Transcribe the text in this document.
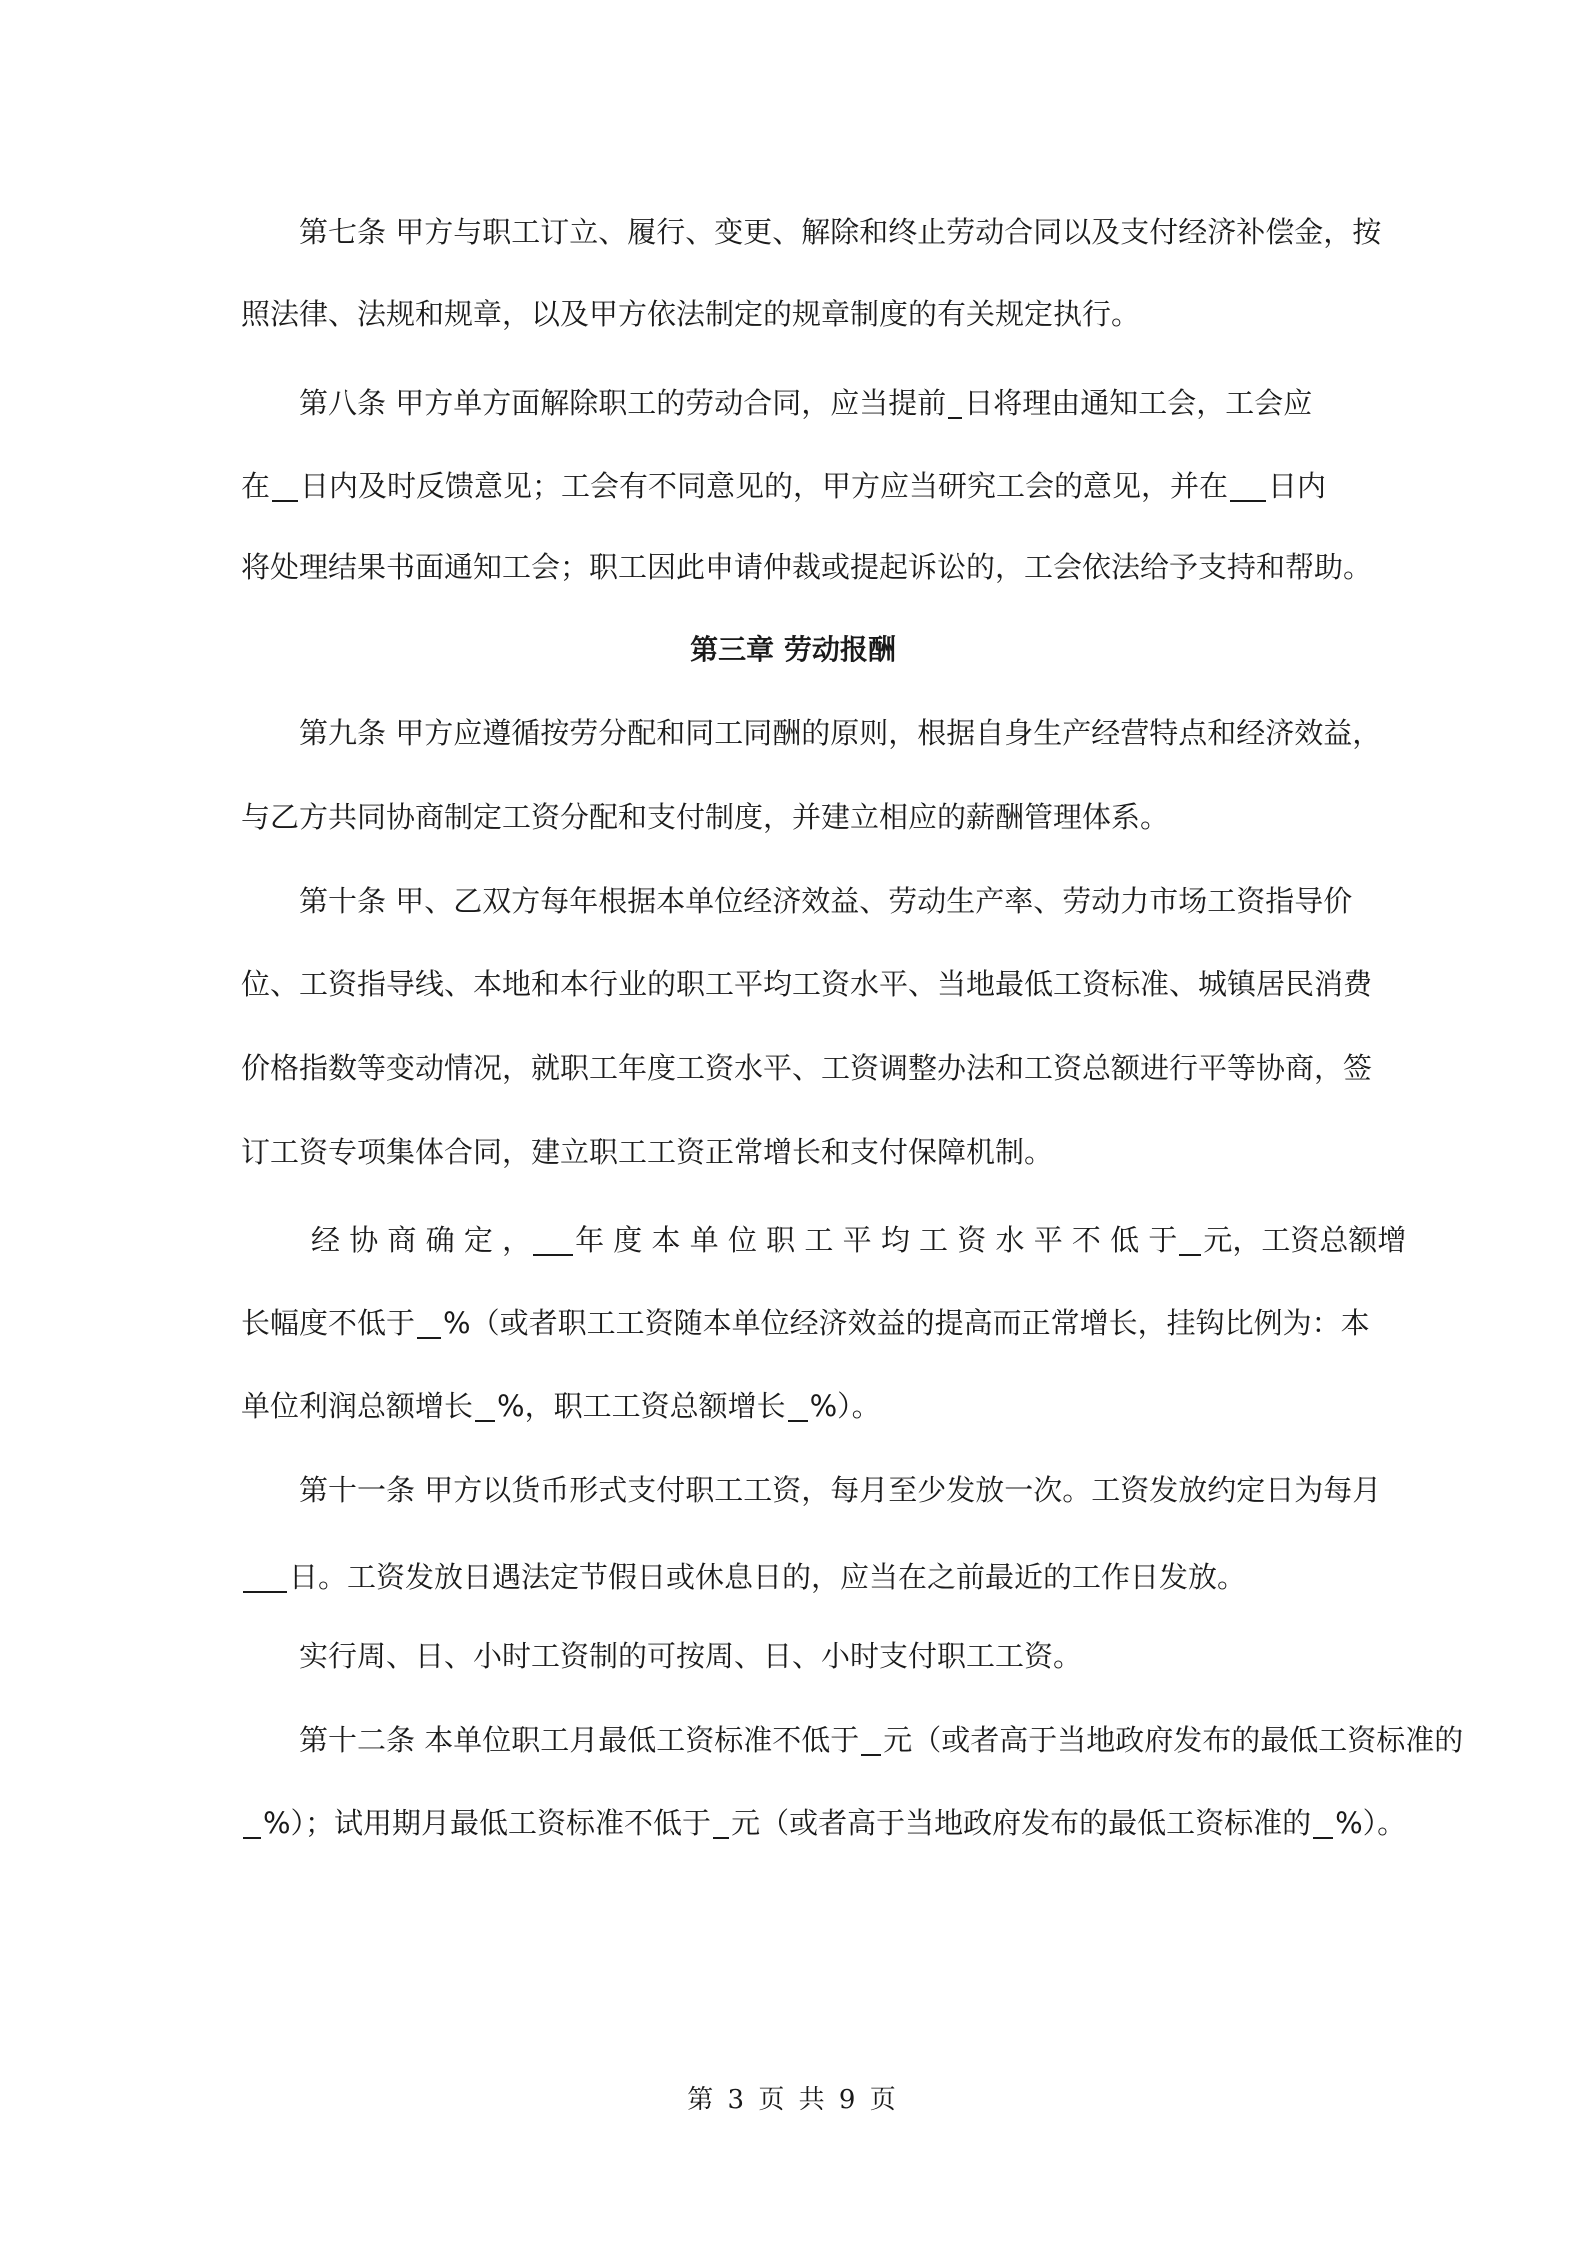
第七条 甲方与职工订立、履行、变更、解除和终止劳动合同以及支付经济补偿金，按
照法律、法规和规章，以及甲方依法制定的规章制度的有关规定执行。
第八条 甲方单方面解除职工的劳动合同，应当提前 日将理由通知工会，工会应
在 日内及时反馈意见；工会有不同意见的，甲方应当研究工会的意见，并在 日内
将处理结果书面通知工会；职工因此申请仲裁或提起诉讼的，工会依法给予支持和帮助。
第三章 劳动报酬
第九条 甲方应遵循按劳分配和同工同酬的原则，根据自身生产经营特点和经济效益，
与乙方共同协商制定工资分配和支付制度，并建立相应的薪酬管理体系。
第十条 甲、乙双方每年根据本单位经济效益、劳动生产率、劳动力市场工资指导价
位、工资指导线、本地和本行业的职工平均工资水平、当地最低工资标准、城镇居民消费
价格指数等变动情况，就职工年度工资水平、工资调整办法和工资总额进行平等协商，签
订工资专项集体合同，建立职工工资正常增长和支付保障机制。
经 协 商 确 定 ， 年 度 本 单 位 职 工 平 均 工 资 水 平 不 低 于 元，工资总额增
长幅度不低于 %（或者职工工资随本单位经济效益的提高而正常增长，挂钩比例为：本
单位利润总额增长 %，职工工资总额增长 %）。
第十一条 甲方以货币形式支付职工工资，每月至少发放一次。工资发放约定日为每月
日。工资发放日遇法定节假日或休息日的，应当在之前最近的工作日发放。
实行周、日、小时工资制的可按周、日、小时支付职工工资。
第十二条 本单位职工月最低工资标准不低于 元（或者高于当地政府发布的最低工资标准的
%）；试用期月最低工资标准不低于 元（或者高于当地政府发布的最低工资标准的 %）。
第 3 页 共 9 页
